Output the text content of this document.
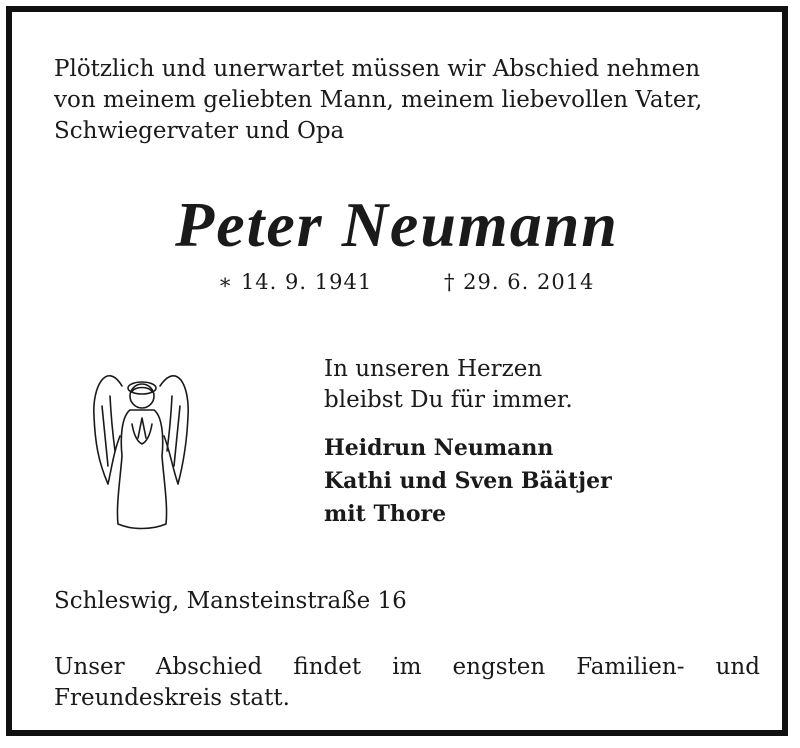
Plötzlich und unerwartet müssen wir Abschied nehmen
von meinem geliebten Mann, meinem liebevollen Vater,
Schwiegervater und Opa
Peter Neumann
∗ 14. 9. 1941	† 29. 6. 2014
In unseren Herzen
bleibst Du für immer.
Heidrun Neumann
Kathi und Sven Bäätjer
mit Thore
Schleswig, Mansteinstraße 16
Unser Abschied findet im engsten Familien- und
Freundeskreis statt.
